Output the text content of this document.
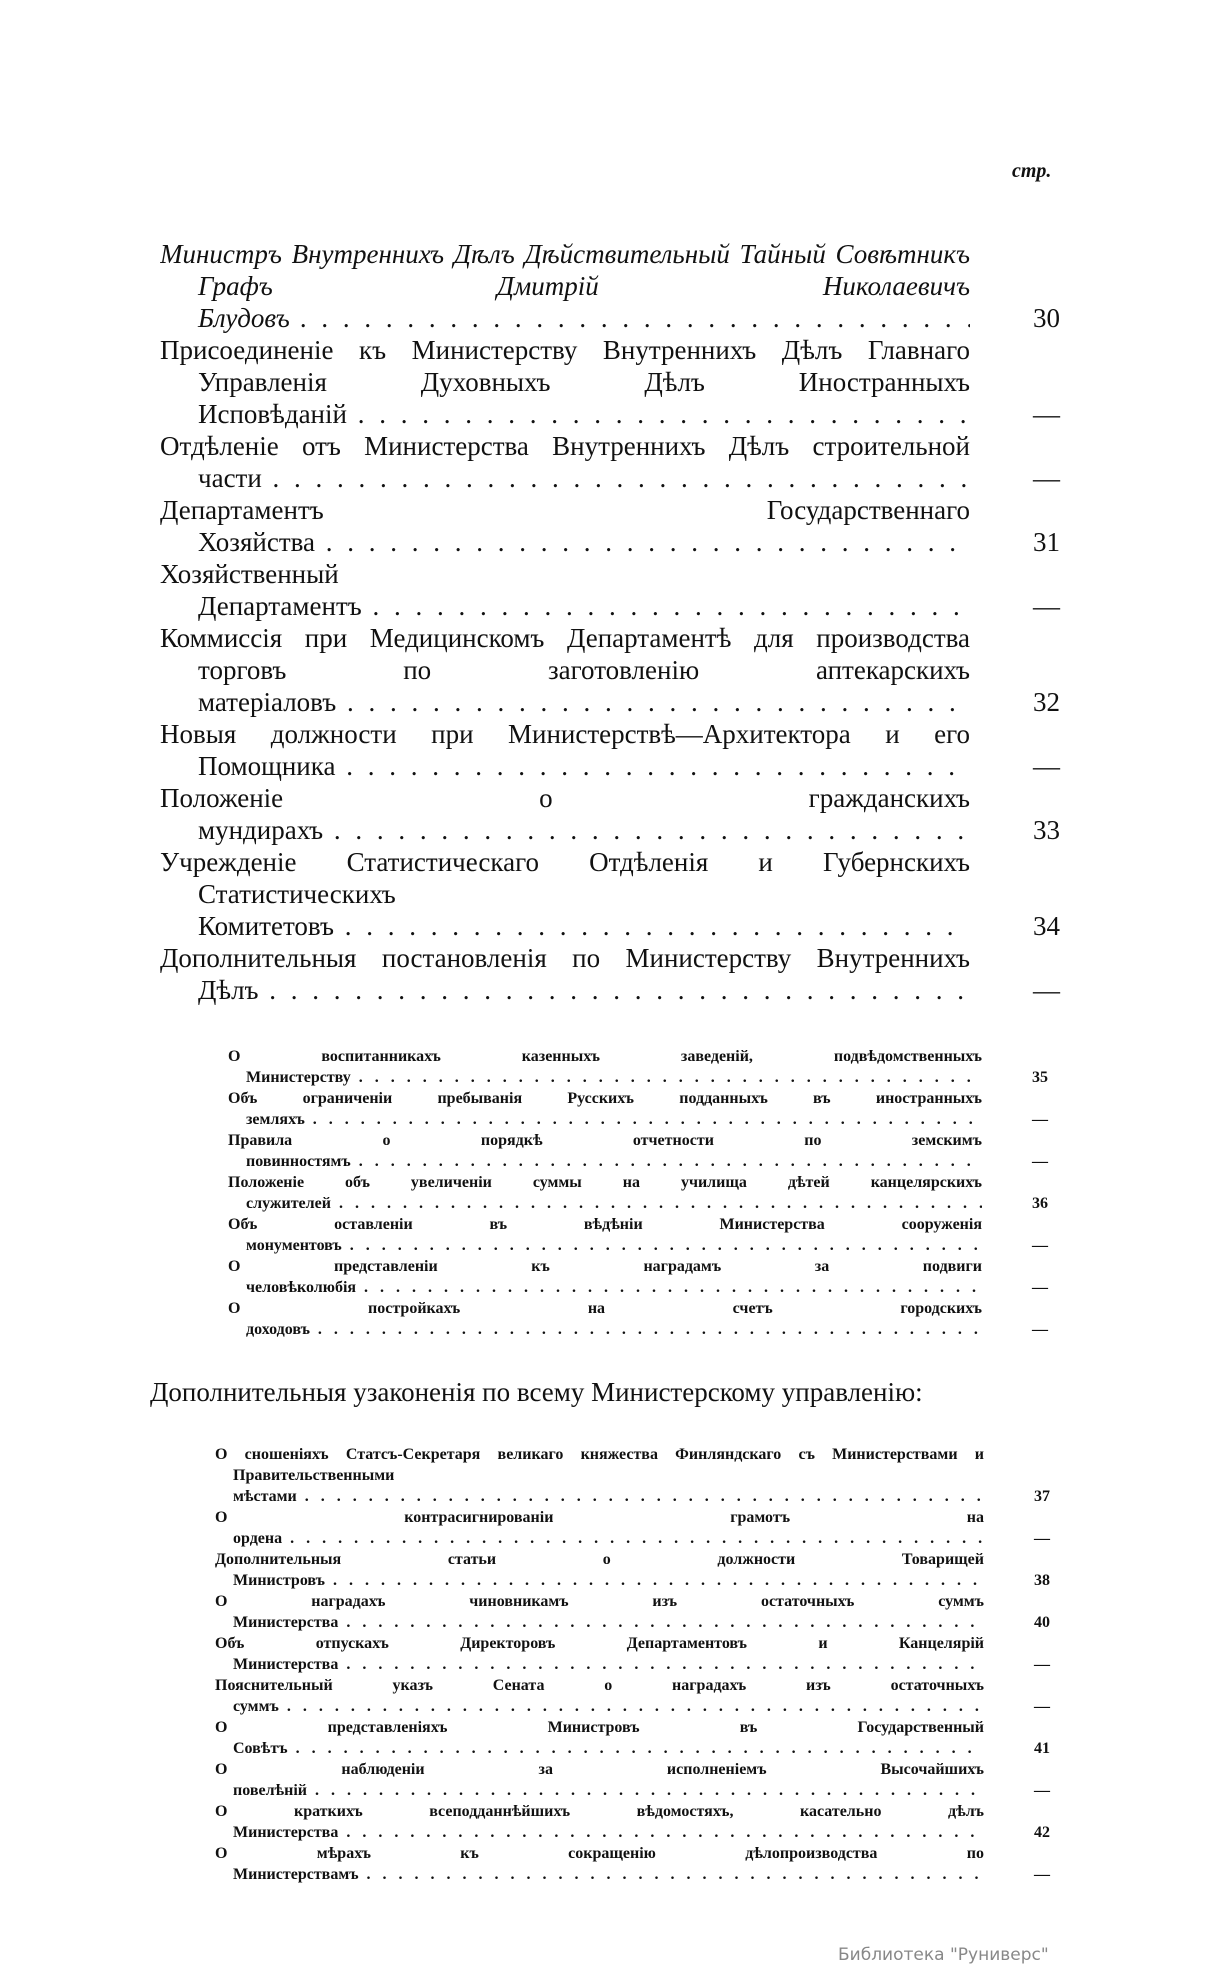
стр.
Министръ Внутреннихъ Дѣлъ Дѣйствительный Тайный Совѣтникъ Графъ Дмитрій Николаевичъ Блудовъ . . .	30
Присоединеніе къ Министерству Внутреннихъ Дѣлъ Главнаго Управленія Духовныхъ Дѣлъ Иностранныхъ Исповѣданій . . .	—
Отдѣленіе отъ Министерства Внутреннихъ Дѣлъ строительной части . . .	—
Департаментъ Государственнаго Хозяйства . . .	31
Хозяйственный Департаментъ . . .	—
Коммиссія при Медицинскомъ Департаментѣ для производства торговъ по заготовленію аптекарскихъ матеріаловъ . . .	32
Новыя должности при Министерствѣ—Архитектора и его Помощника . . .	—
Положеніе о гражданскихъ мундирахъ . . .	33
Учрежденіе Статистическаго Отдѣленія и Губернскихъ Статистическихъ Комитетовъ . . .	34
Дополнительныя постановленія по Министерству Внутреннихъ Дѣлъ . . .	—
О воспитанникахъ казенныхъ заведеній, подвѣдомственныхъ Министерству . . .	35
Объ ограниченіи пребыванія Русскихъ подданныхъ въ иностранныхъ земляхъ . . .	—
Правила о порядкѣ отчетности по земскимъ повинностямъ . . .	—
Положеніе объ увеличеніи суммы на училища дѣтей канцелярскихъ служителей . . .	36
Объ оставленіи въ вѣдѣніи Министерства сооруженія монументовъ . . .	—
О представленіи къ наградамъ за подвиги человѣколюбія . . .	—
О постройкахъ на счетъ городскихъ доходовъ . . .	—
Дополнительныя узаконенія по всему Министерскому управленію:
О сношеніяхъ Статсъ-Секретаря великаго княжества Финляндскаго съ Министерствами и Правительственными мѣстами . . .	37
О контрасигнированіи грамотъ на ордена . . .	—
Дополнительныя статьи о должности Товарищей Министровъ . . .	38
О наградахъ чиновникамъ изъ остаточныхъ суммъ Министерства . . .	40
Объ отпускахъ Директоровъ Департаментовъ и Канцелярій Министерства . . .	—
Пояснительный указъ Сената о наградахъ изъ остаточныхъ суммъ . . .	—
О представленіяхъ Министровъ въ Государственный Совѣтъ . . .	41
О наблюденіи за исполненіемъ Высочайшихъ повелѣній . . .	—
О краткихъ всеподданнѣйшихъ вѣдомостяхъ, касательно дѣлъ Министерства . . .	42
О мѣрахъ къ сокращенію дѣлопроизводства по Министерствамъ . . .	—
Библиотека "Руниверс"
